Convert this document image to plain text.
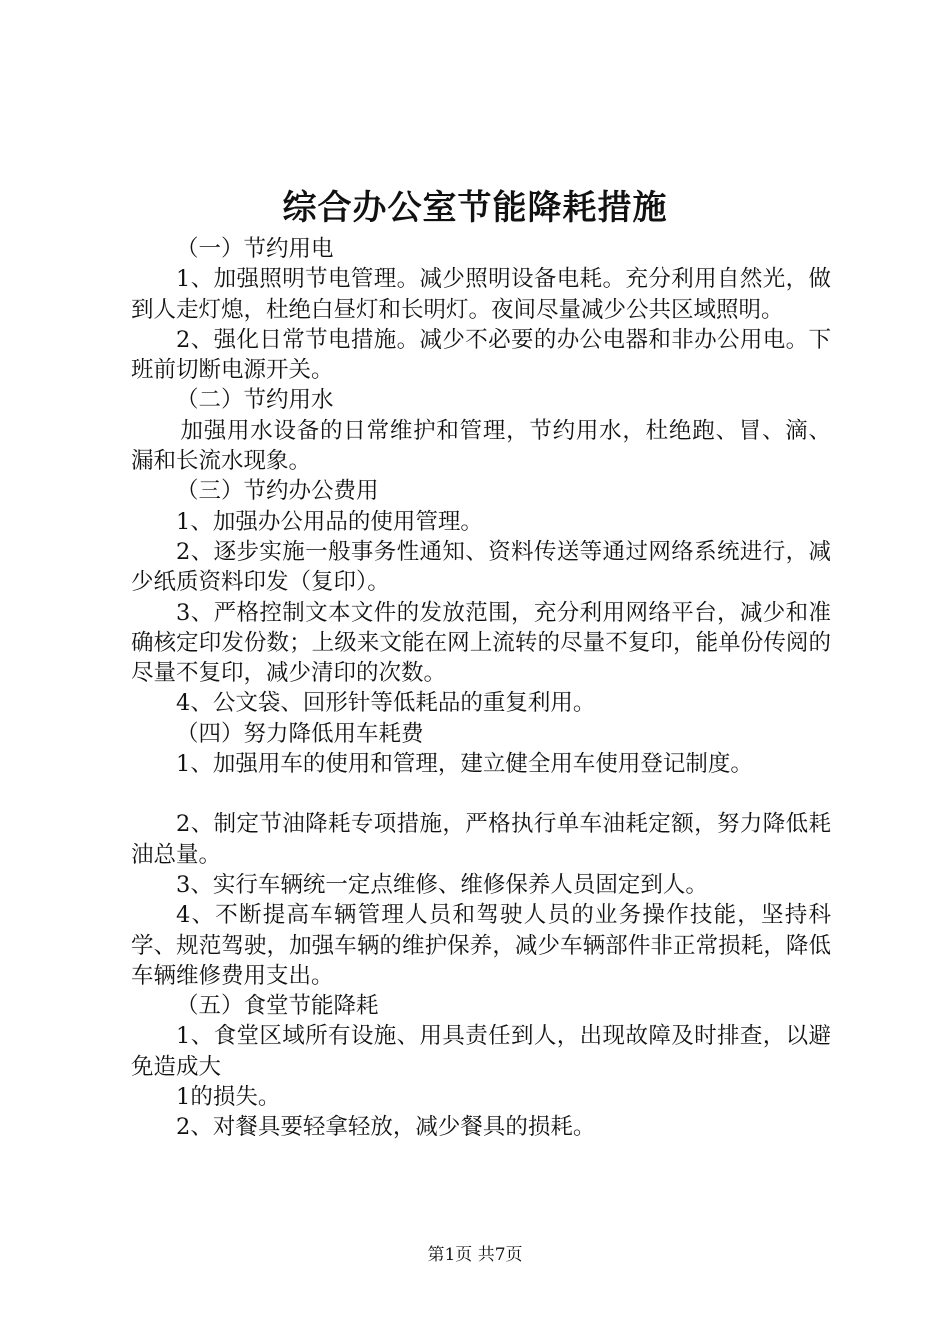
综合办公室节能降耗措施

（一）节约用电

1、加强照明节电管理。减少照明设备电耗。充分利用自然光，做到人走灯熄，杜绝白昼灯和长明灯。夜间尽量减少公共区域照明。

2、强化日常节电措施。减少不必要的办公电器和非办公用电。下班前切断电源开关。

（二）节约用水

加强用水设备的日常维护和管理，节约用水，杜绝跑、冒、滴、漏和长流水现象。

（三）节约办公费用

1、加强办公用品的使用管理。

2、逐步实施一般事务性通知、资料传送等通过网络系统进行，减少纸质资料印发（复印）。

3、严格控制文本文件的发放范围，充分利用网络平台，减少和准确核定印发份数；上级来文能在网上流转的尽量不复印，能单份传阅的尽量不复印，减少清印的次数。

4、公文袋、回形针等低耗品的重复利用。

（四）努力降低用车耗费

1、加强用车的使用和管理，建立健全用车使用登记制度。

2、制定节油降耗专项措施，严格执行单车油耗定额，努力降低耗油总量。

3、实行车辆统一定点维修、维修保养人员固定到人。

4、不断提高车辆管理人员和驾驶人员的业务操作技能，坚持科学、规范驾驶，加强车辆的维护保养，减少车辆部件非正常损耗，降低车辆维修费用支出。

（五）食堂节能降耗

1、食堂区域所有设施、用具责任到人，出现故障及时排查，以避免造成大

1的损失。

2、对餐具要轻拿轻放，减少餐具的损耗。

第1页 共7页
